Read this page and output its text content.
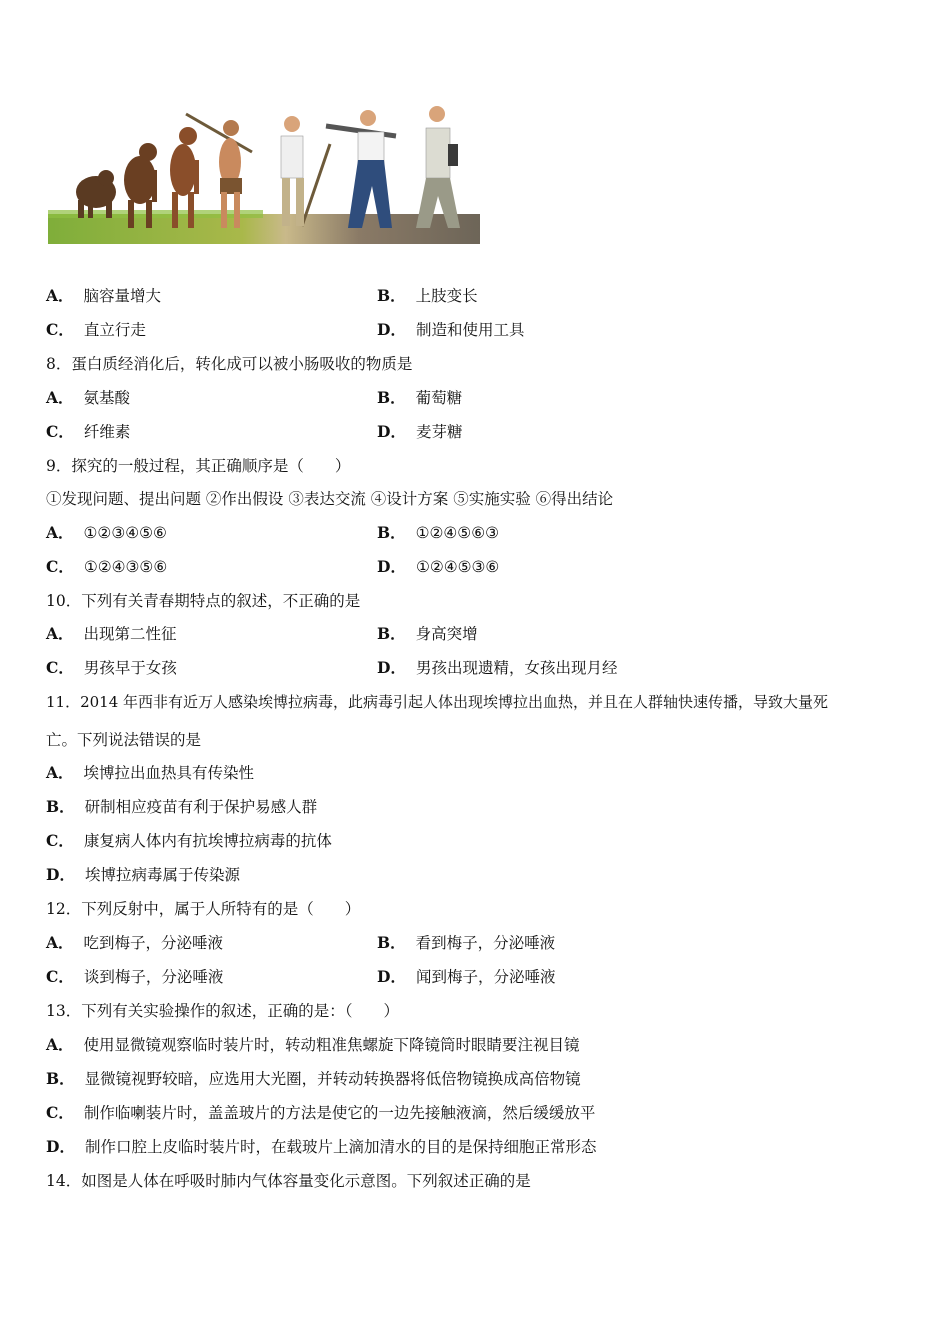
A． 脑容量增大	B． 上肢变长
C． 直立行走	D． 制造和使用工具
8．蛋白质经消化后，转化成可以被小肠吸收的物质是
A． 氨基酸	B． 葡萄糖
C． 纤维素	D． 麦芽糖
9．探究的一般过程，其正确顺序是（　　）
①发现问题、提出问题 ②作出假设 ③表达交流 ④设计方案 ⑤实施实验 ⑥得出结论
A． ①②③④⑤⑥	B． ①②④⑤⑥③
C． ①②④③⑤⑥	D． ①②④⑤③⑥
10．下列有关青春期特点的叙述，不正确的是
A． 出现第二性征	B． 身高突增
C． 男孩早于女孩	D． 男孩出现遗精，女孩出现月经
11．2014 年西非有近万人感染埃博拉病毒，此病毒引起人体出现埃博拉出血热，并且在人群轴快速传播，导致大量死
亡。下列说法错误的是
A． 埃博拉出血热具有传染性
B． 研制相应疫苗有利于保护易感人群
C． 康复病人体内有抗埃博拉病毒的抗体
D． 埃博拉病毒属于传染源
12．下列反射中，属于人所特有的是（　　）
A． 吃到梅子，分泌唾液	B． 看到梅子，分泌唾液
C． 谈到梅子，分泌唾液	D． 闻到梅子，分泌唾液
13．下列有关实验操作的叙述，正确的是：（　　）
A． 使用显微镜观察临时装片时，转动粗准焦螺旋下降镜筒时眼睛要注视目镜
B． 显微镜视野较暗，应选用大光圈，并转动转换器将低倍物镜换成高倍物镜
C． 制作临喇装片时，盖盖玻片的方法是使它的一边先接触液滴，然后缓缓放平
D． 制作口腔上皮临时装片时，在载玻片上滴加清水的目的是保持细胞正常形态
14．如图是人体在呼吸时肺内气体容量变化示意图。下列叙述正确的是
